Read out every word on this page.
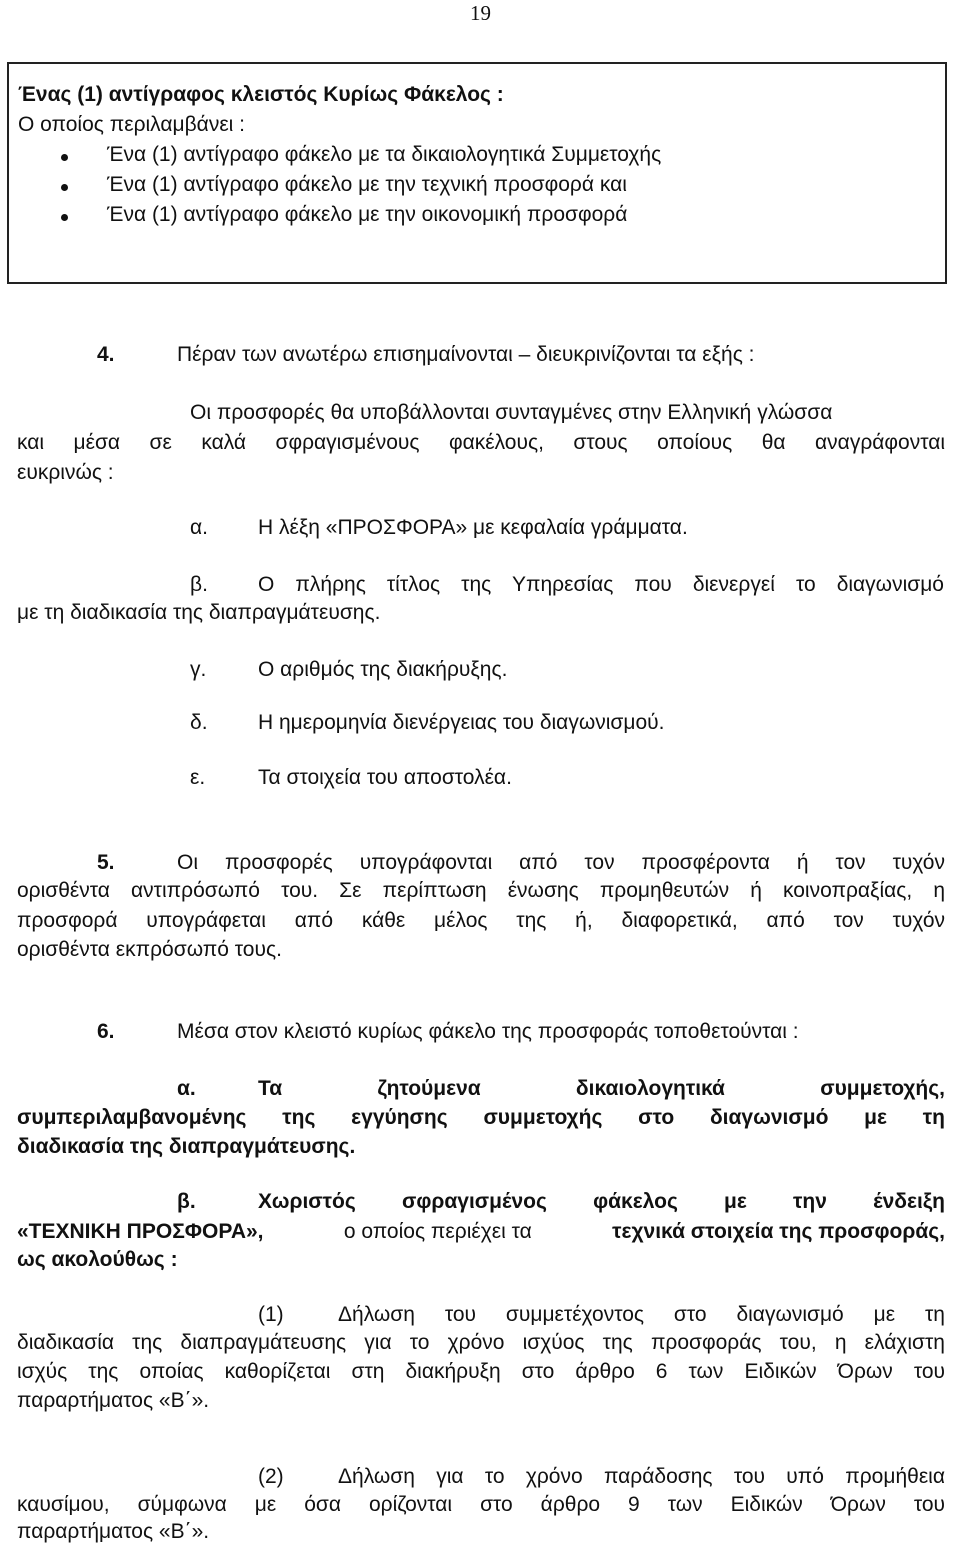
19
Ένας (1) αντίγραφος κλειστός Κυρίως Φάκελος :
Ο οποίος περιλαμβάνει :
Ένα (1) αντίγραφο φάκελο με τα δικαιολογητικά Συμμετοχής
Ένα (1) αντίγραφο φάκελο με την τεχνική προσφορά και
Ένα (1) αντίγραφο φάκελο με την οικονομική προσφορά
4.	Πέραν των ανωτέρω επισημαίνονται – διευκρινίζονται τα εξής :
Οι προσφορές θα υποβάλλονται συνταγμένες στην Ελληνική γλώσσα
και μέσα σε καλά σφραγισμένους φακέλους, στους οποίους θα αναγράφονται
ευκρινώς :
α. Η λέξη «ΠΡΟΣΦΟΡΑ» με κεφαλαία γράμματα.
β. Ο πλήρης τίτλος της Υπηρεσίας που διενεργεί το διαγωνισμό
με τη διαδικασία της διαπραγμάτευσης.
γ. Ο αριθμός της διακήρυξης.
δ. Η ημερομηνία διενέργειας του διαγωνισμού.
ε.	Τα στοιχεία του αποστολέα.
5.	Οι προσφορές υπογράφονται από τον προσφέροντα ή τον τυχόν
ορισθέντα αντιπρόσωπό του. Σε περίπτωση ένωσης προμηθευτών ή κοινοπραξίας, η
προσφορά υπογράφεται από κάθε μέλος της ή, διαφορετικά, από τον τυχόν
ορισθέντα εκπρόσωπό τους.
6.	Μέσα στον κλειστό κυρίως φάκελο της προσφοράς τοποθετούνται :
α.	Τα ζητούμενα δικαιολογητικά συμμετοχής,
συμπεριλαμβανομένης της εγγύησης συμμετοχής στο διαγωνισμό με τη
διαδικασία της διαπραγμάτευσης.
β.	Χωριστός σφραγισμένος φάκελος με την ένδειξη
«ΤΕΧΝΙΚΗ ΠΡΟΣΦΟΡΑ»,	ο οποίος περιέχει τα	τεχνικά στοιχεία της προσφοράς,
ως ακολούθως :
(1)	Δήλωση του συμμετέχοντος στο διαγωνισμό με τη
διαδικασία της διαπραγμάτευσης για το χρόνο ισχύος της προσφοράς του, η ελάχιστη
ισχύς της οποίας καθορίζεται στη διακήρυξη στο άρθρο 6 των Ειδικών Όρων του
παραρτήματος «Β΄».
(2)	Δήλωση για το χρόνο παράδοσης του υπό προμήθεια
καυσίμου, σύμφωνα με όσα ορίζονται στο άρθρο 9 των Ειδικών Όρων του
παραρτήματος «Β΄».
